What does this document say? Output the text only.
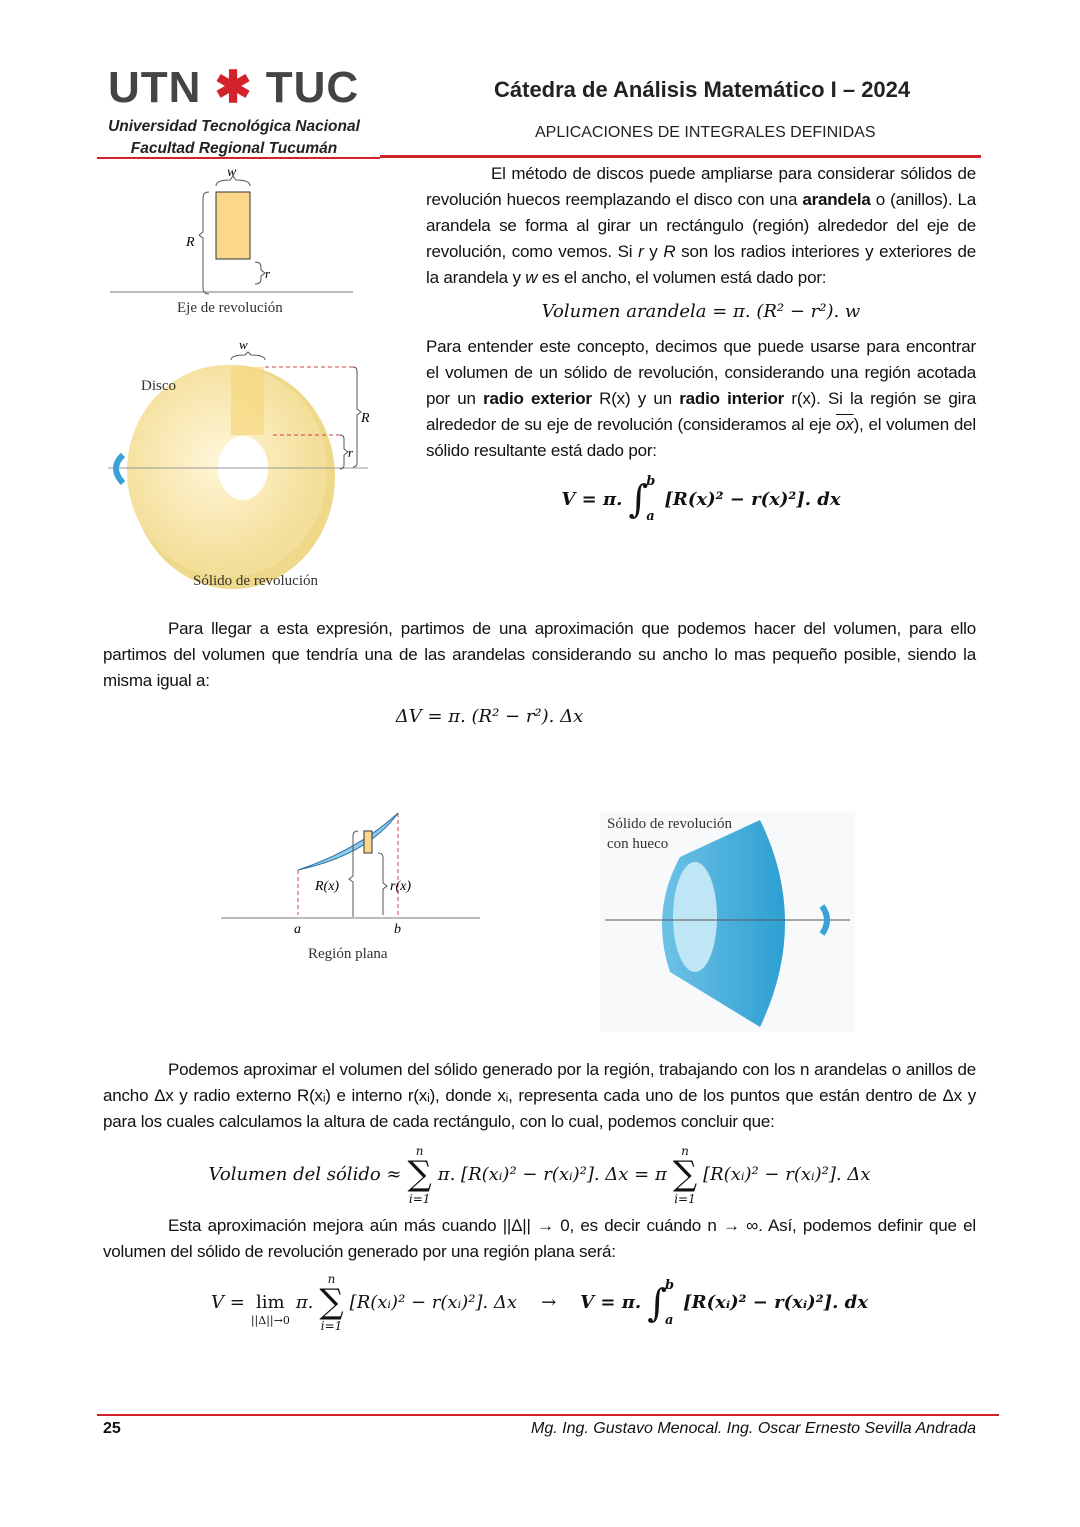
UTN ✱ TUC
Universidad Tecnológica Nacional
Facultad Regional Tucumán
Cátedra de Análisis Matemático I – 2024
APLICACIONES DE INTEGRALES DEFINIDAS
w
R
r
Eje de revolución
w
Disco
R
r
Sólido de revolución
El método de discos puede ampliarse para considerar sólidos de revolución huecos reemplazando el disco con una arandela o (anillos). La arandela se forma al girar un rectángulo (región) alrededor del eje de revolución, como vemos. Si r y R son los radios interiores y exteriores de la arandela y w es el ancho, el volumen está dado por:
Volumen arandela = π. (R² − r²). w
Para entender este concepto, decimos que puede usarse para encontrar el volumen de un sólido de revolución, considerando una región acotada por un radio exterior R(x) y un radio interior r(x). Si la región se gira alrededor de su eje de revolución (consideramos al eje $\overline{ox}$), el volumen del sólido resultante está dado por:
V = π. ∫
b
a
[R(x)² − r(x)²]. dx
Para llegar a esta expresión, partimos de una aproximación que podemos hacer del volumen, para ello partimos del volumen que tendría una de las arandelas considerando su ancho lo mas pequeño posible, siendo la misma igual a:
ΔV = π. (R² − r²). Δx
R(x)	r(x)
a	b
Región plana
Sólido de revolución
con hueco
Podemos aproximar el volumen del sólido generado por la región, trabajando con los n arandelas o anillos de ancho Δx y radio externo R(xᵢ) e interno r(xᵢ), donde xᵢ, representa cada uno de los puntos que están dentro de Δx y para los cuales calculamos la altura de cada rectángulo, con lo cual, podemos concluir que:
Volumen del sólido ≈
n
∑
i=1
π. [R(xᵢ)² − r(xᵢ)²]. Δx = π
n
∑
i=1
[R(xᵢ)² − r(xᵢ)²]. Δx
Esta aproximación mejora aún más cuando ||Δ|| → 0, es decir cuándo n → ∞. Así, podemos definir que el volumen del sólido de revolución generado por una región plana será:
V = lim
||Δ||→0
π.
n
∑
i=1
[R(xᵢ)² − r(xᵢ)²]. Δx → V = π. ∫
b
a
[R(xᵢ)² − r(xᵢ)²]. dx
25	Mg. Ing. Gustavo Menocal. Ing. Oscar Ernesto Sevilla Andrada
